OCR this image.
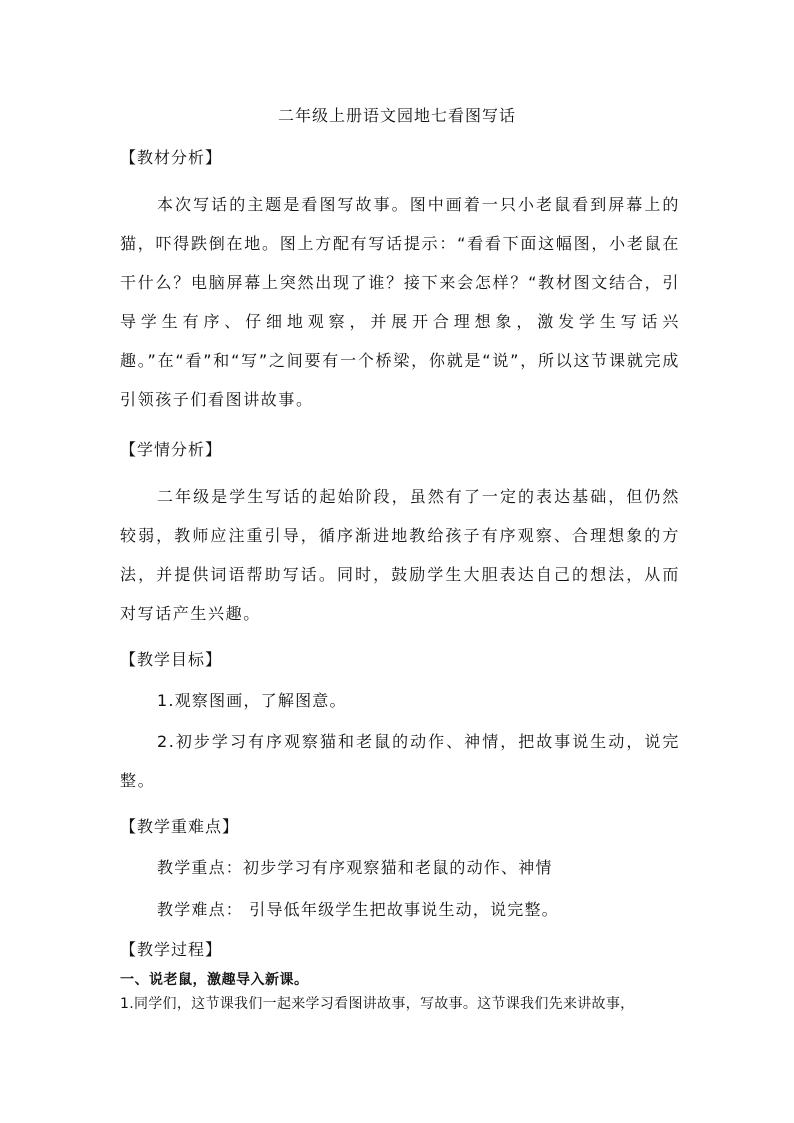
二年级上册语文园地七看图写话
【教材分析】

本次写话的主题是看图写故事。图中画着一只小老鼠看到屏幕上的猫，吓得跌倒在地。图上方配有写话提示：“看看下面这幅图，小老鼠在干什么？电脑屏幕上突然出现了谁？接下来会怎样？“教材图文结合，引导学生有序、仔细地观察，并展开合理想象，激发学生写话兴趣。”在“看”和“写”之间要有一个桥梁，你就是“说”，所以这节课就完成引领孩子们看图讲故事。

【学情分析】

二年级是学生写话的起始阶段，虽然有了一定的表达基础，但仍然较弱，教师应注重引导，循序渐进地教给孩子有序观察、合理想象的方法，并提供词语帮助写话。同时，鼓励学生大胆表达自己的想法，从而对写话产生兴趣。

【教学目标】
1.观察图画，了解图意。

2.初步学习有序观察猫和老鼠的动作、神情，把故事说生动，说完整。

【教学重难点】
教学重点：初步学习有序观察猫和老鼠的动作、神情
教学难点： 引导低年级学生把故事说生动，说完整。
【教学过程】
一、说老鼠，激趣导入新课。
1.同学们，这节课我们一起来学习看图讲故事，写故事。这节课我们先来讲故事，
